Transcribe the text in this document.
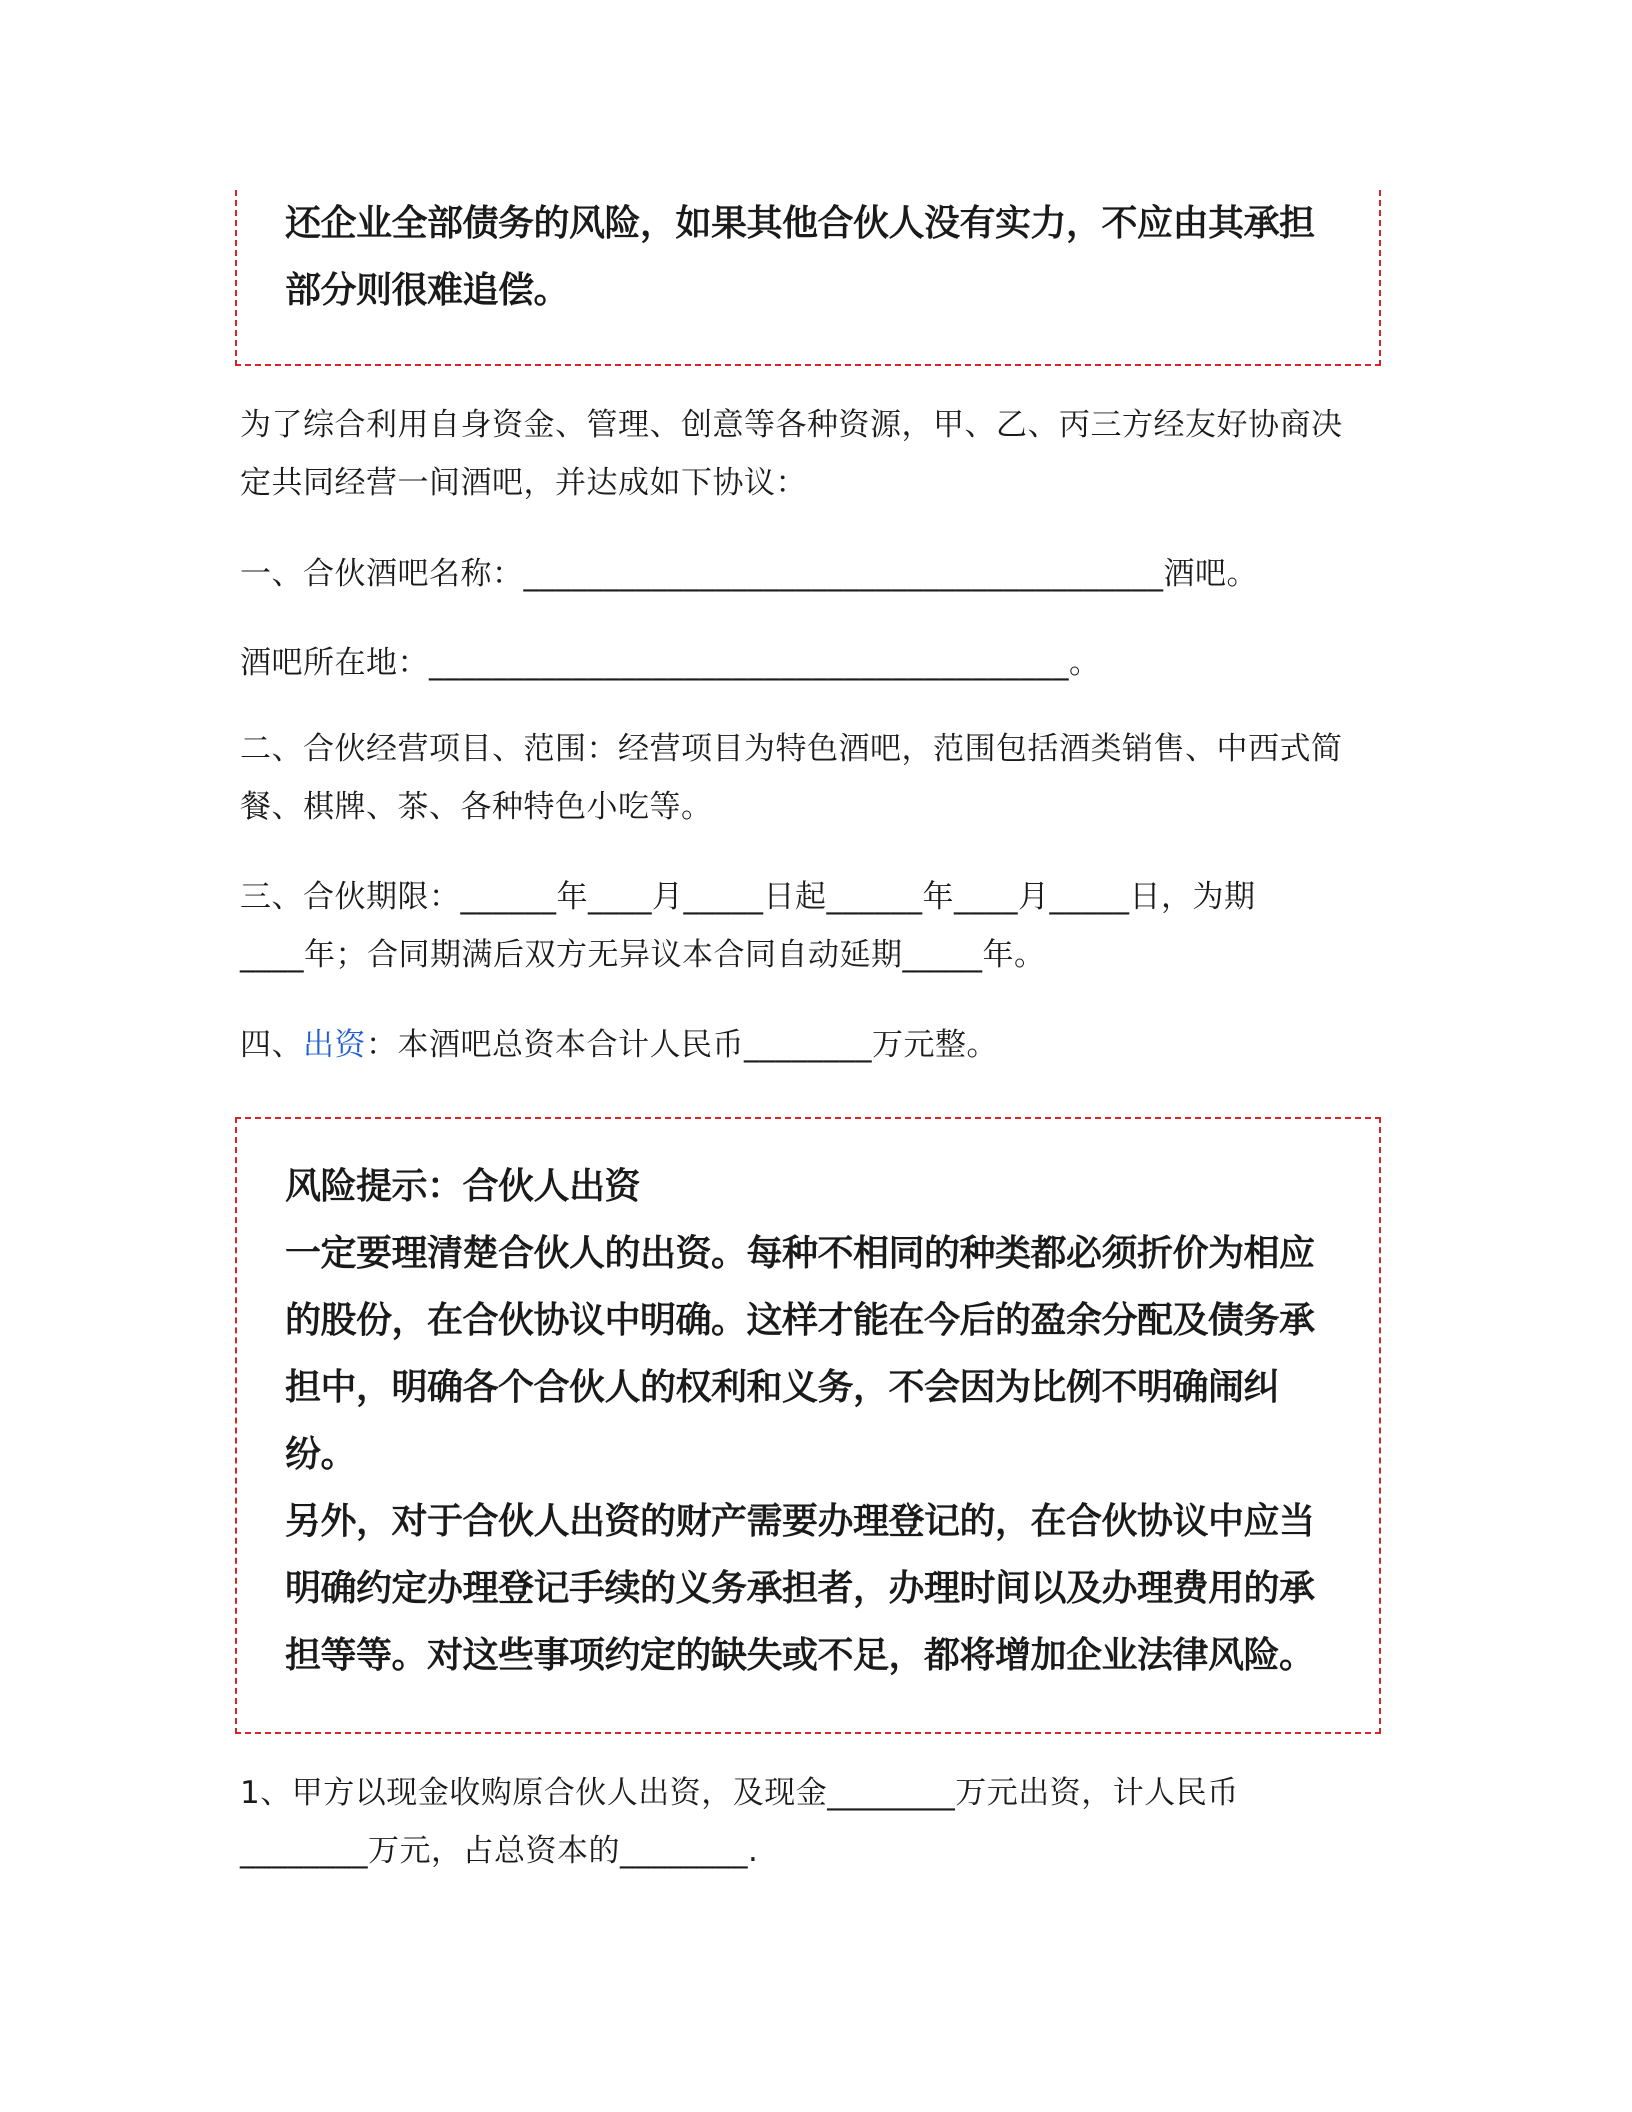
还企业全部债务的风险，如果其他合伙人没有实力，不应由其承担
部分则很难追偿。
为了综合利用自身资金、管理、创意等各种资源，甲、乙、丙三方经友好协商决
定共同经营一间酒吧，并达成如下协议：
一、合伙酒吧名称：________________________________________酒吧。
酒吧所在地：________________________________________。
二、合伙经营项目、范围：经营项目为特色酒吧，范围包括酒类销售、中西式简
餐、棋牌、茶、各种特色小吃等。
三、合伙期限：______年____月_____日起______年____月_____日，为期
____年；合同期满后双方无异议本合同自动延期_____年。
四、出资：本酒吧总资本合计人民币________万元整。
风险提示：合伙人出资
一定要理清楚合伙人的出资。每种不相同的种类都必须折价为相应
的股份，在合伙协议中明确。这样才能在今后的盈余分配及债务承
担中，明确各个合伙人的权利和义务，不会因为比例不明确闹纠
纷。
另外，对于合伙人出资的财产需要办理登记的，在合伙协议中应当
明确约定办理登记手续的义务承担者，办理时间以及办理费用的承
担等等。对这些事项约定的缺失或不足，都将增加企业法律风险。
1、甲方以现金收购原合伙人出资，及现金________万元出资，计人民币
________万元，占总资本的________.
